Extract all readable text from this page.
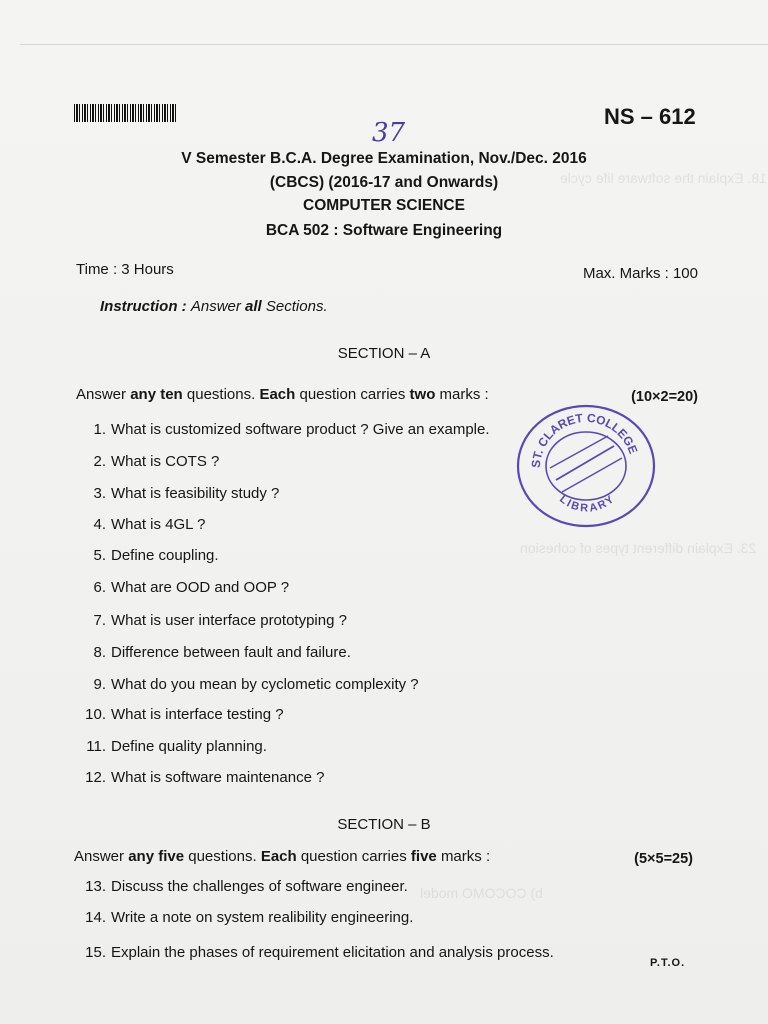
18. Explain the software life cycle
23. Explain different types of cohesion
b) COCOMO model
NS – 612
37
V Semester B.C.A. Degree Examination, Nov./Dec. 2016
(CBCS) (2016-17 and Onwards)
COMPUTER SCIENCE
BCA 502 : Software Engineering
Time : 3 Hours	Max. Marks : 100
Instruction : Answer all Sections.
SECTION – A
Answer any ten questions. Each question carries two marks :	(10×2=20)
1. What is customized software product ? Give an example.
2. What is COTS ?
3. What is feasibility study ?
4. What is 4GL ?
5. Define coupling.
6. What are OOD and OOP ?
7. What is user interface prototyping ?
8. Difference between fault and failure.
9. What do you mean by cyclometic complexity ?
10. What is interface testing ?
11. Define quality planning.
12. What is software maintenance ?
SECTION – B
Answer any five questions. Each question carries five marks :	(5×5=25)
13. Discuss the challenges of software engineer.
14. Write a note on system realibility engineering.
15. Explain the phases of requirement elicitation and analysis process.
P.T.O.
ST. CLARET COLLEGE
LIBRARY
